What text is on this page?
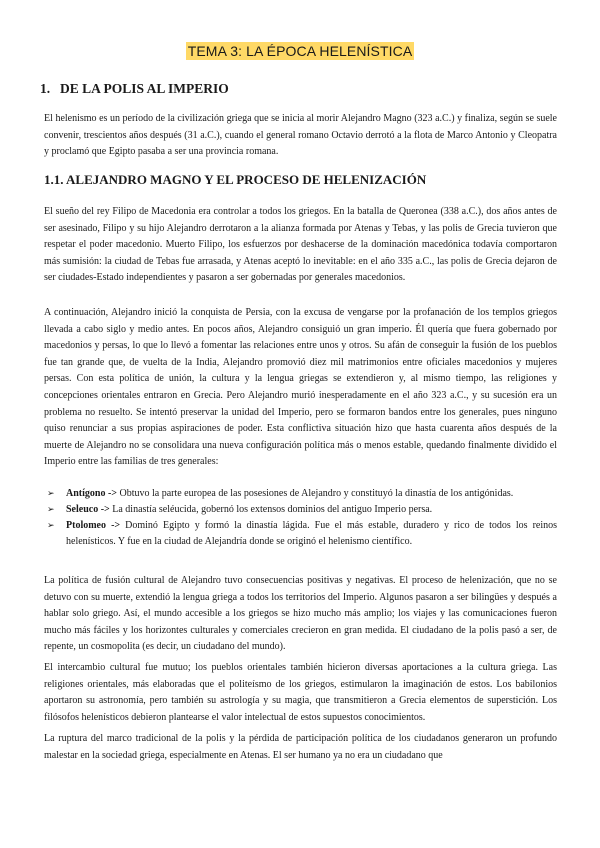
TEMA 3: LA ÉPOCA HELENÍSTICA
1. DE LA POLIS AL IMPERIO

El helenismo es un período de la civilización griega que se inicia al morir Alejandro Magno (323 a.C.) y finaliza, según se suele convenir, trescientos años después (31 a.C.), cuando el general romano Octavio derrotó a la flota de Marco Antonio y Cleopatra y proclamó que Egipto pasaba a ser una provincia romana.

1.1. ALEJANDRO MAGNO Y EL PROCESO DE HELENIZACIÓN

El sueño del rey Filipo de Macedonia era controlar a todos los griegos. En la batalla de Queronea (338 a.C.), dos años antes de ser asesinado, Filipo y su hijo Alejandro derrotaron a la alianza formada por Atenas y Tebas, y las polis de Grecia tuvieron que respetar el poder macedonio. Muerto Filipo, los esfuerzos por deshacerse de la dominación macedónica todavía comportaron más sumisión: la ciudad de Tebas fue arrasada, y Atenas aceptó lo inevitable: en el año 335 a.C., las polis de Grecia dejaron de ser ciudades-Estado independientes y pasaron a ser gobernadas por generales macedonios.

A continuación, Alejandro inició la conquista de Persia, con la excusa de vengarse por la profanación de los templos griegos llevada a cabo siglo y medio antes. En pocos años, Alejandro consiguió un gran imperio. Él quería que fuera gobernado por macedonios y persas, lo que lo llevó a fomentar las relaciones entre unos y otros. Su afán de conseguir la fusión de los pueblos fue tan grande que, de vuelta de la India, Alejandro promovió diez mil matrimonios entre oficiales macedonios y mujeres persas. Con esta política de unión, la cultura y la lengua griegas se extendieron y, al mismo tiempo, las religiones y concepciones orientales entraron en Grecia. Pero Alejandro murió inesperadamente en el año 323 a.C., y su sucesión era un problema no resuelto. Se intentó preservar la unidad del Imperio, pero se formaron bandos entre los generales, pues ninguno quiso renunciar a sus propias aspiraciones de poder. Esta conflictiva situación hizo que hasta cuarenta años después de la muerte de Alejandro no se consolidara una nueva configuración política más o menos estable, quedando finalmente dividido el Imperio entre las familias de tres generales:

➢ Antígono -> Obtuvo la parte europea de las posesiones de Alejandro y constituyó la dinastía de los antigónidas.
➢ Seleuco -> La dinastía seléucida, gobernó los extensos dominios del antiguo Imperio persa.
➢ Ptolomeo -> Dominó Egipto y formó la dinastía lágida. Fue el más estable, duradero y rico de todos los reinos helenísticos. Y fue en la ciudad de Alejandría donde se originó el helenismo científico.

La política de fusión cultural de Alejandro tuvo consecuencias positivas y negativas. El proceso de helenización, que no se detuvo con su muerte, extendió la lengua griega a todos los territorios del Imperio. Algunos pasaron a ser bilingües y después a hablar solo griego. Así, el mundo accesible a los griegos se hizo mucho más amplio; los viajes y las comunicaciones fueron mucho más fáciles y los horizontes culturales y comerciales crecieron en gran medida. El ciudadano de la polis pasó a ser, de repente, un cosmopolita (es decir, un ciudadano del mundo).

El intercambio cultural fue mutuo; los pueblos orientales también hicieron diversas aportaciones a la cultura griega. Las religiones orientales, más elaboradas que el politeísmo de los griegos, estimularon la imaginación de estos. Los babilonios aportaron su astronomía, pero también su astrología y su magia, que transmitieron a Grecia elementos de superstición. Los filósofos helenísticos debieron plantearse el valor intelectual de estos supuestos conocimientos.

La ruptura del marco tradicional de la polis y la pérdida de participación política de los ciudadanos generaron un profundo malestar en la sociedad griega, especialmente en Atenas. El ser humano ya no era un ciudadano que
